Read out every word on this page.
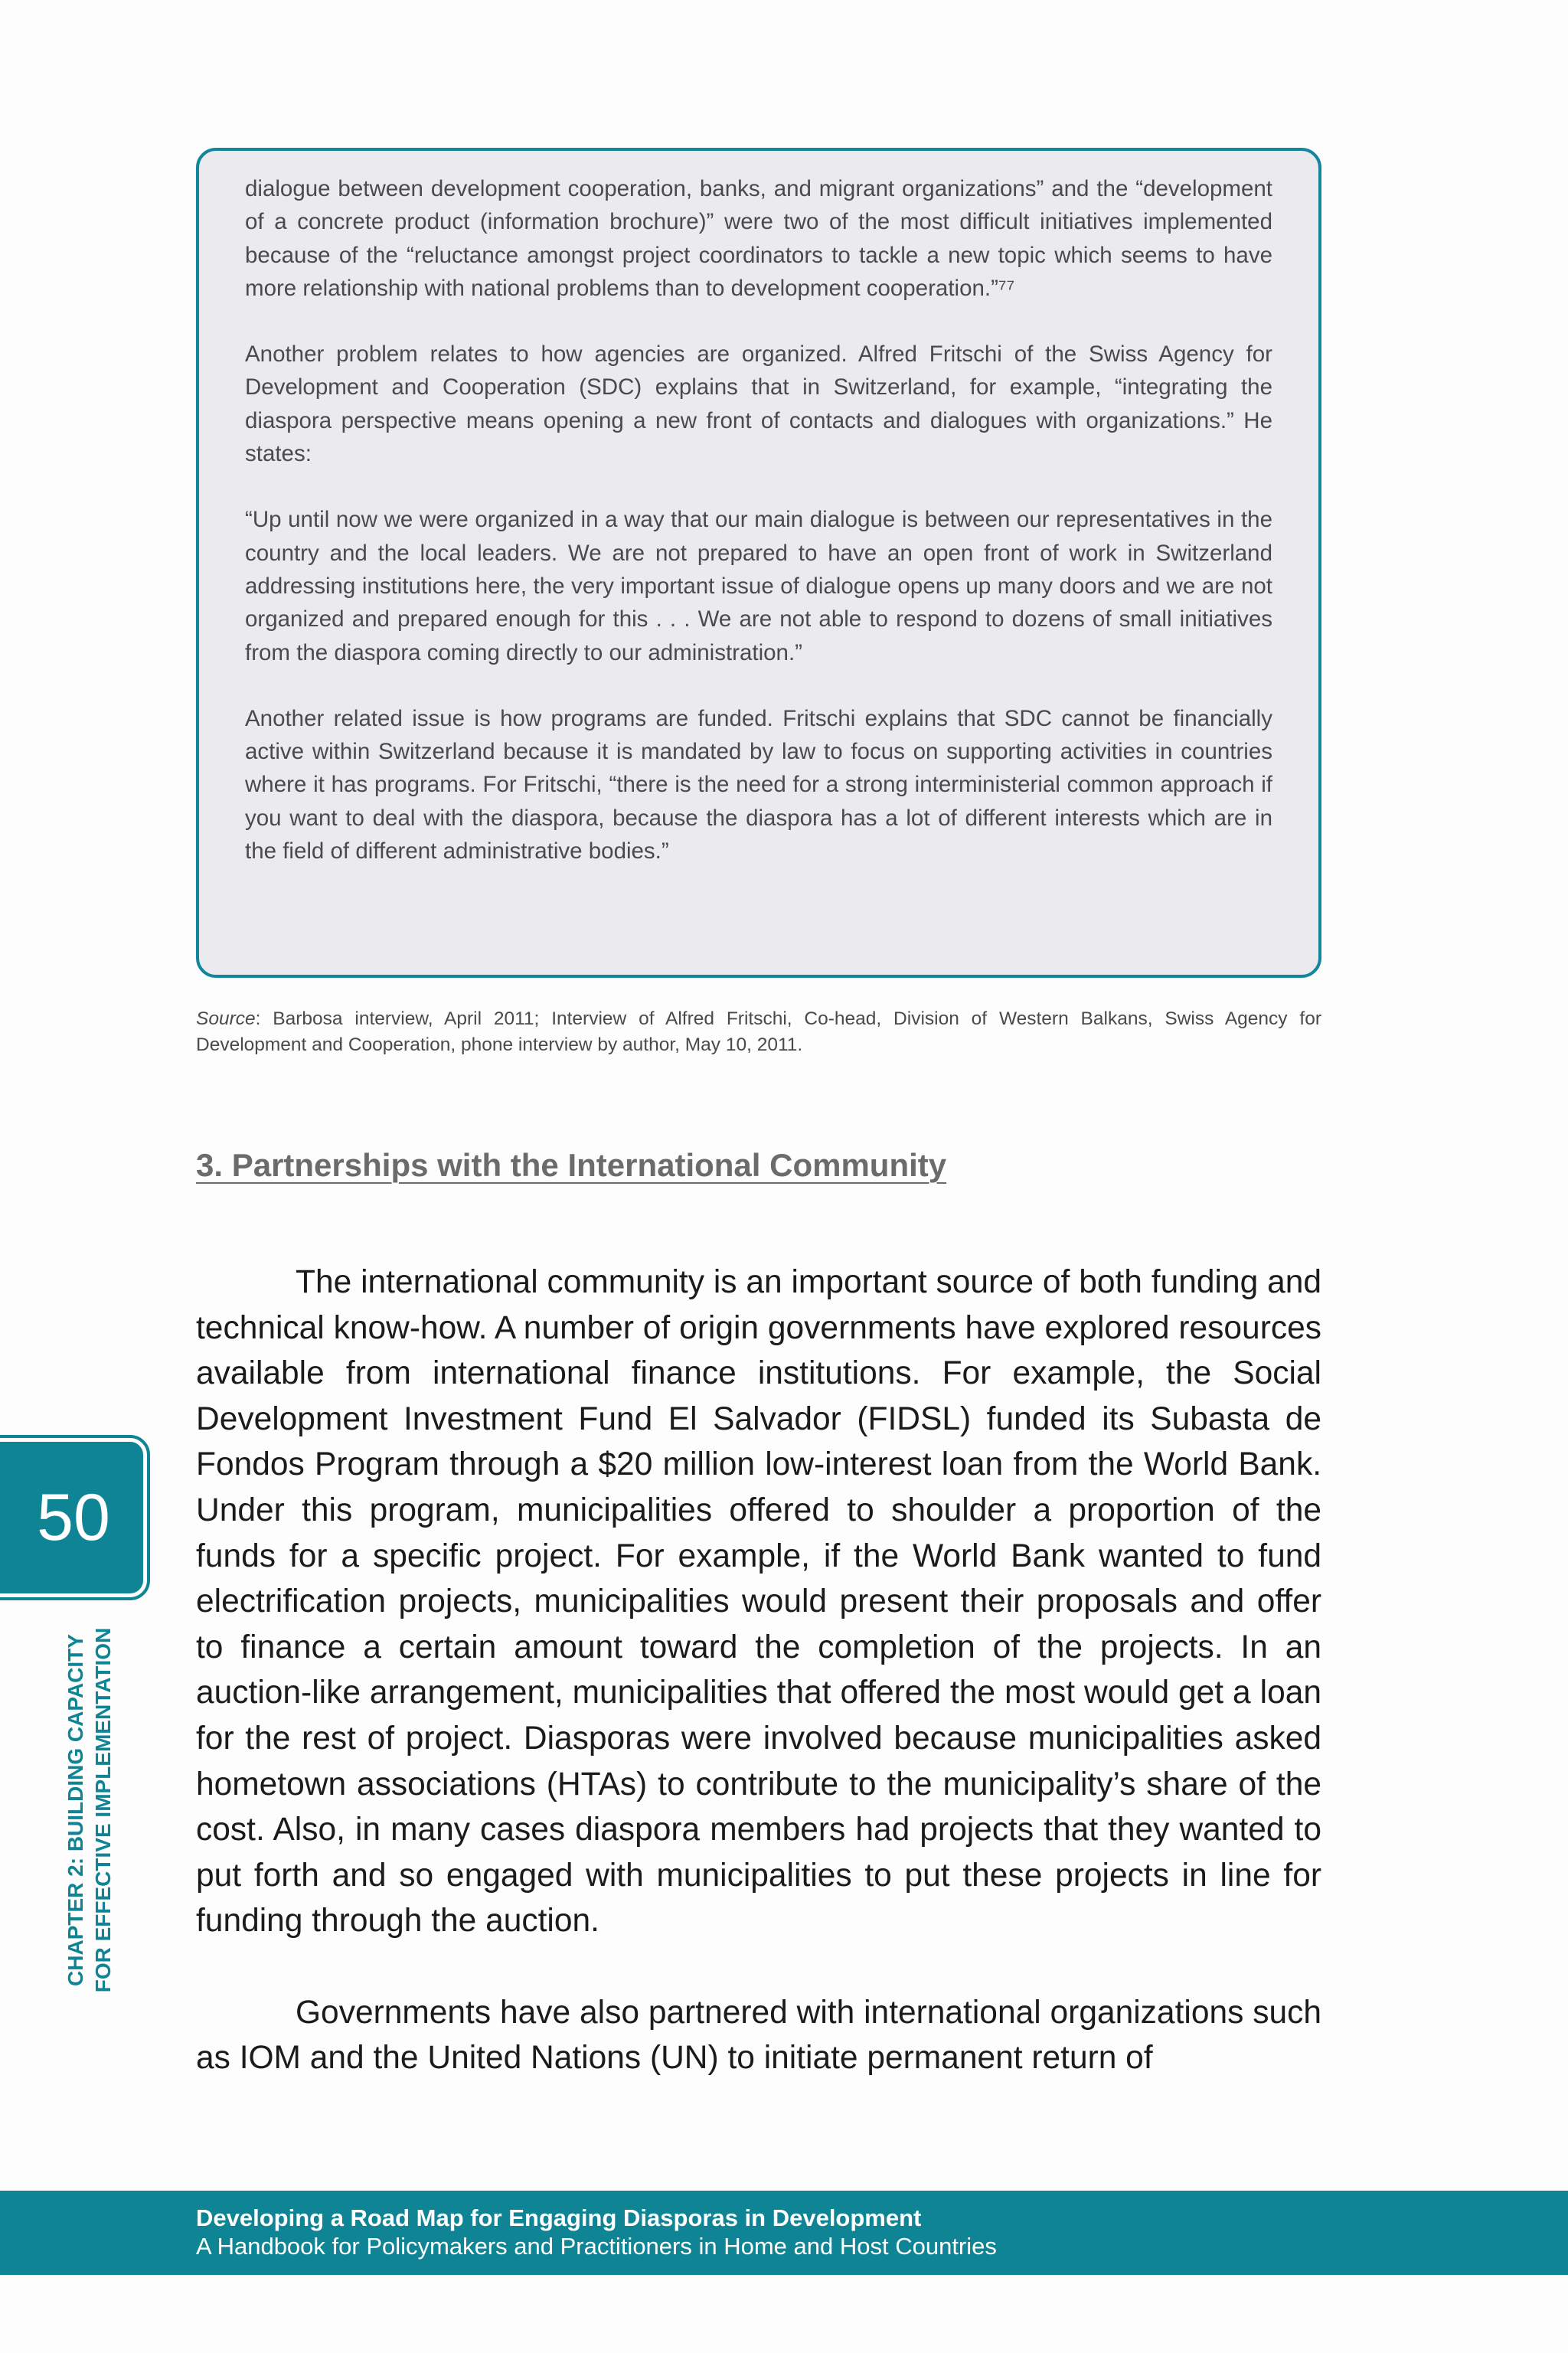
dialogue between development cooperation, banks, and migrant organizations” and the “development of a concrete product (information brochure)” were two of the most difficult initiatives implemented because of the “reluctance amongst project coordinators to tackle a new topic which seems to have more relationship with national problems than to development cooperation.”⁷⁷

Another problem relates to how agencies are organized. Alfred Fritschi of the Swiss Agency for Development and Cooperation (SDC) explains that in Switzerland, for example, “integrating the diaspora perspective means opening a new front of contacts and dialogues with organizations.” He states:

“Up until now we were organized in a way that our main dialogue is between our representatives in the country and the local leaders. We are not prepared to have an open front of work in Switzerland addressing institutions here, the very important issue of dialogue opens up many doors and we are not organized and prepared enough for this . . . We are not able to respond to dozens of small initiatives from the diaspora coming directly to our administration.”

Another related issue is how programs are funded. Fritschi explains that SDC cannot be financially active within Switzerland because it is mandated by law to focus on supporting activities in countries where it has programs. For Fritschi, “there is the need for a strong interministerial common approach if you want to deal with the diaspora, because the diaspora has a lot of different interests which are in the field of different administrative bodies.”

Source: Barbosa interview, April 2011; Interview of Alfred Fritschi, Co-head, Division of Western Balkans, Swiss Agency for Development and Cooperation, phone interview by author, May 10, 2011.
3. Partnerships with the International Community

The international community is an important source of both funding and technical know-how. A number of origin governments have explored resources available from international finance institutions. For example, the Social Development Investment Fund El Salvador (FIDSL) funded its Subasta de Fondos Program through a $20 million low-interest loan from the World Bank. Under this program, municipalities offered to shoulder a proportion of the funds for a specific project. For example, if the World Bank wanted to fund electrification projects, municipalities would present their proposals and offer to finance a certain amount toward the completion of the projects. In an auction-like arrangement, municipalities that offered the most would get a loan for the rest of project. Diasporas were involved because municipalities asked hometown associations (HTAs) to contribute to the municipality’s share of the cost. Also, in many cases diaspora members had projects that they wanted to put forth and so engaged with municipalities to put these projects in line for funding through the auction.

Governments have also partnered with international organizations such as IOM and the United Nations (UN) to initiate permanent return of

50
CHAPTER 2: BUILDING CAPACITY FOR EFFECTIVE IMPLEMENTATION
Developing a Road Map for Engaging Diasporas in Development
A Handbook for Policymakers and Practitioners in Home and Host Countries
